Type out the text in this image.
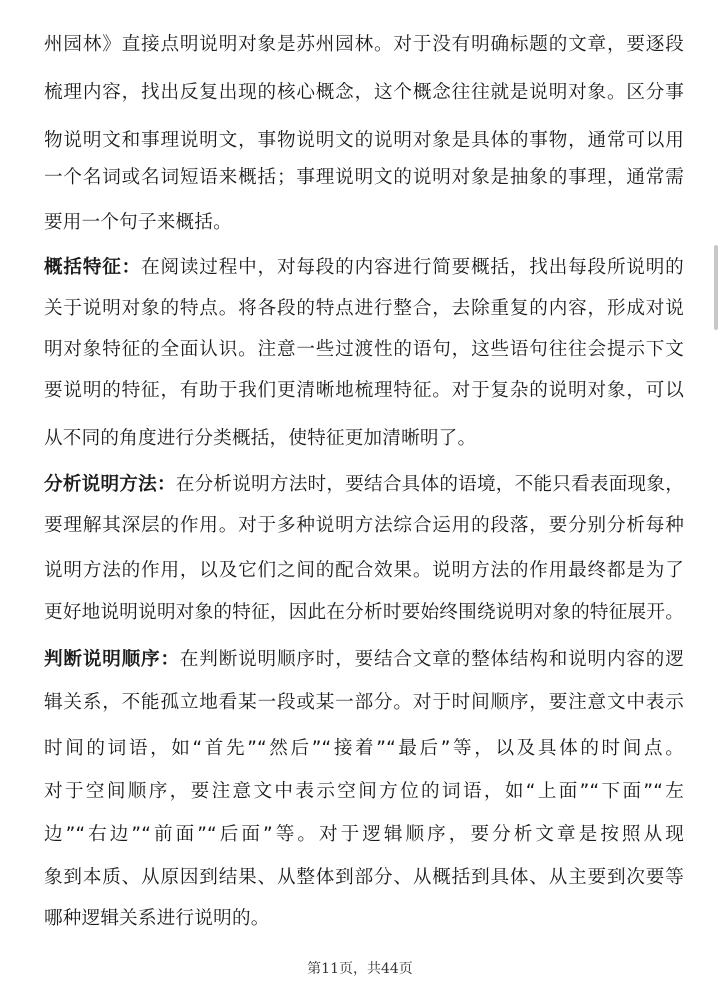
州园林》直接点明说明对象是苏州园林。对于没有明确标题的文章，要逐段
梳理内容，找出反复出现的核心概念，这个概念往往就是说明对象。区分事
物说明文和事理说明文，事物说明文的说明对象是具体的事物，通常可以用
一个名词或名词短语来概括；事理说明文的说明对象是抽象的事理，通常需
要用一个句子来概括。
概括特征：在阅读过程中，对每段的内容进行简要概括，找出每段所说明的
关于说明对象的特点。将各段的特点进行整合，去除重复的内容，形成对说
明对象特征的全面认识。注意一些过渡性的语句，这些语句往往会提示下文
要说明的特征，有助于我们更清晰地梳理特征。对于复杂的说明对象，可以
从不同的角度进行分类概括，使特征更加清晰明了。
分析说明方法：在分析说明方法时，要结合具体的语境，不能只看表面现象，
要理解其深层的作用。对于多种说明方法综合运用的段落，要分别分析每种
说明方法的作用，以及它们之间的配合效果。说明方法的作用最终都是为了
更好地说明说明对象的特征，因此在分析时要始终围绕说明对象的特征展开。
判断说明顺序：在判断说明顺序时，要结合文章的整体结构和说明内容的逻
辑关系，不能孤立地看某一段或某一部分。对于时间顺序，要注意文中表示
时间的词语，如“首先”“然后”“接着”“最后”等，以及具体的时间点。
对于空间顺序，要注意文中表示空间方位的词语，如“上面”“下面”“左
边”“右边”“前面”“后面”等。对于逻辑顺序，要分析文章是按照从现
象到本质、从原因到结果、从整体到部分、从概括到具体、从主要到次要等
哪种逻辑关系进行说明的。
第11页，共44页
